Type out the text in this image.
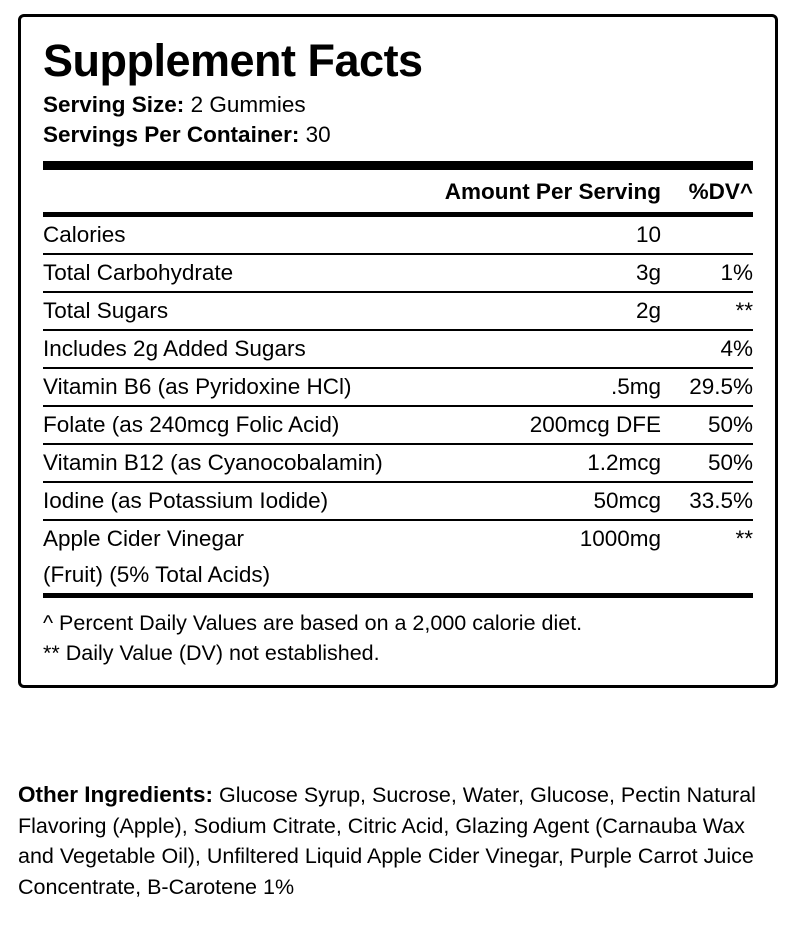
Supplement Facts
Serving Size: 2 Gummies
Servings Per Container: 30
	Amount Per Serving	%DV^

Calories	10	

Total Carbohydrate	3g	1%

Total Sugars	2g	**

Includes 2g Added Sugars		4%

Vitamin B6 (as Pyridoxine HCl)	.5mg	29.5%

Folate (as 240mcg Folic Acid)	200mcg DFE	50%

Vitamin B12 (as Cyanocobalamin)	1.2mcg	50%

Iodine (as Potassium Iodide)	50mcg	33.5%

Apple Cider Vinegar	1000mg	**
(Fruit) (5% Total Acids)		

^ Percent Daily Values are based on a 2,000 calorie diet.
** Daily Value (DV) not established.
Other Ingredients: Glucose Syrup, Sucrose, Water, Glucose, Pectin Natural Flavoring (Apple), Sodium Citrate, Citric Acid, Glazing Agent (Carnauba Wax and Vegetable Oil), Unfiltered Liquid Apple Cider Vinegar, Purple Carrot Juice Concentrate, B-Carotene 1%
